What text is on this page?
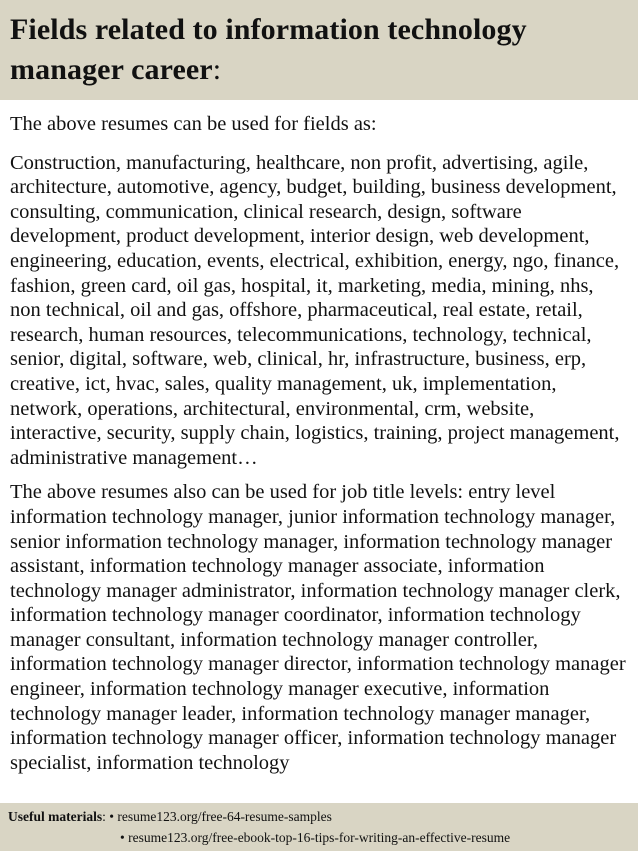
Fields related to information technology manager career:

The above resumes can be used for fields as:

Construction, manufacturing, healthcare, non profit, advertising, agile, architecture, automotive, agency, budget, building, business development, consulting, communication, clinical research, design, software development, product development, interior design, web development, engineering, education, events, electrical, exhibition, energy, ngo, finance, fashion, green card, oil gas, hospital, it, marketing, media, mining, nhs, non technical, oil and gas, offshore, pharmaceutical, real estate, retail, research, human resources, telecommunications, technology, technical, senior, digital, software, web, clinical, hr, infrastructure, business, erp, creative, ict, hvac, sales, quality management, uk, implementation, network, operations, architectural, environmental, crm, website, interactive, security, supply chain, logistics, training, project management, administrative management…

The above resumes also can be used for job title levels: entry level information technology manager, junior information technology manager, senior information technology manager, information technology manager assistant, information technology manager associate, information technology manager administrator, information technology manager clerk, information technology manager coordinator, information technology manager consultant, information technology manager controller, information technology manager director, information technology manager engineer, information technology manager executive, information technology manager leader, information technology manager manager, information technology manager officer, information technology manager specialist, information technology

Useful materials: • resume123.org/free-64-resume-samples
• resume123.org/free-ebook-top-16-tips-for-writing-an-effective-resume
